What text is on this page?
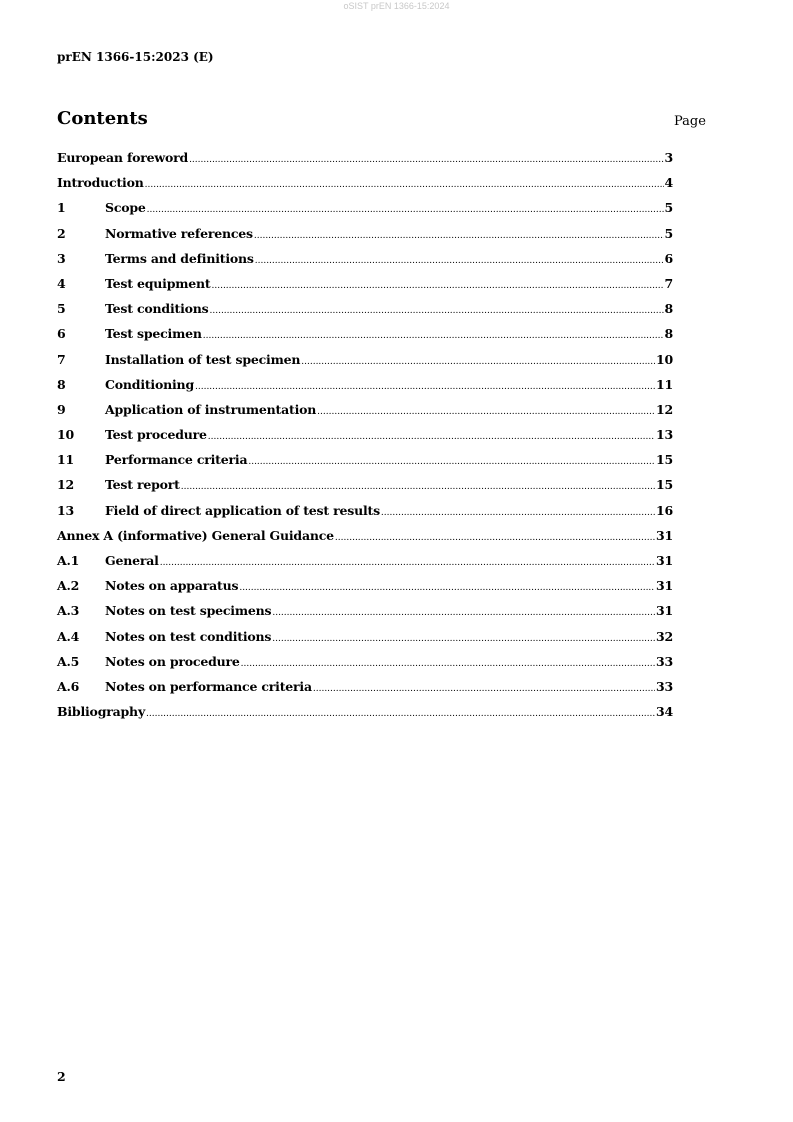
oSIST prEN 1366-15:2024
prEN 1366-15:2023 (E)
Contents	Page
European foreword .....	3
Introduction .....	4
1	Scope .....	5
2	Normative references .....	5
3	Terms and definitions .....	6
4	Test equipment .....	7
5	Test conditions .....	8
6	Test specimen .....	8
7	Installation of test specimen .....	10
8	Conditioning .....	11
9	Application of instrumentation .....	12
10	Test procedure .....	13
11	Performance criteria .....	15
12	Test report .....	15
13	Field of direct application of test results .....	16
Annex A (informative) General Guidance .....	31
A.1	General .....	31
A.2	Notes on apparatus .....	31
A.3	Notes on test specimens .....	31
A.4	Notes on test conditions .....	32
A.5	Notes on procedure .....	33
A.6	Notes on performance criteria .....	33
Bibliography .....	34
2
